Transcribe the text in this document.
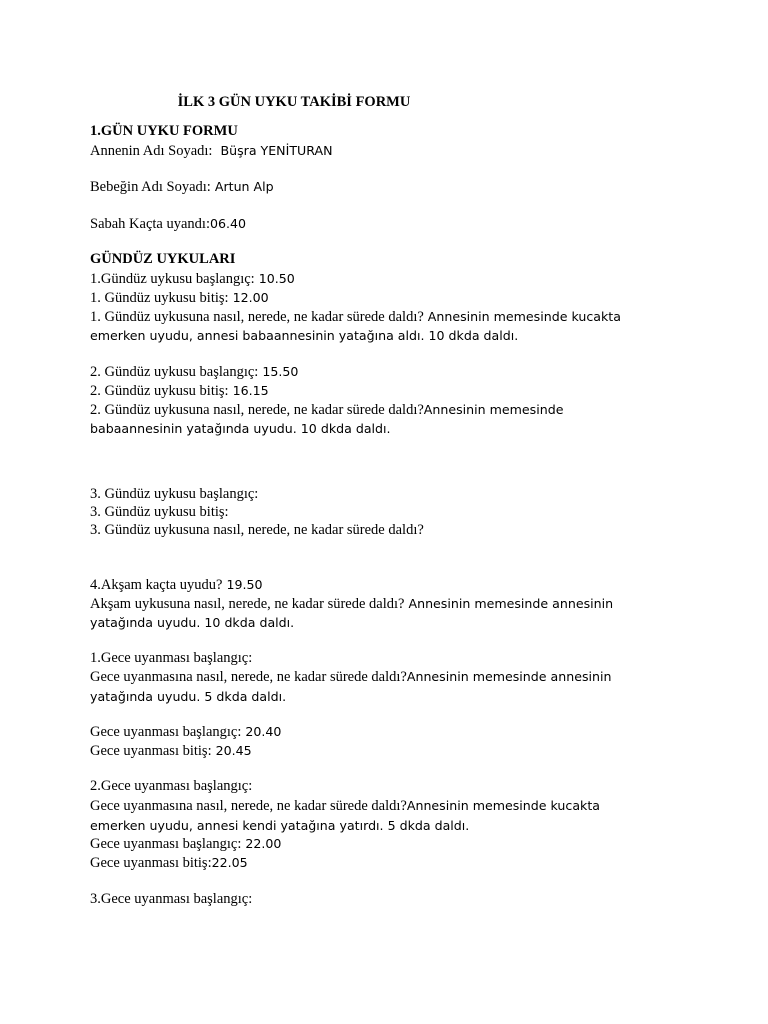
İLK 3 GÜN UYKU TAKİBİ FORMU
1.GÜN UYKU FORMU
Annenin Adı Soyadı: Büşra YENİTURAN
Bebeğin Adı Soyadı: Artun Alp
Sabah Kaçta uyandı:06.40
GÜNDÜZ UYKULARI
1.Gündüz uykusu başlangıç: 10.50
1. Gündüz uykusu bitiş: 12.00
1. Gündüz uykusuna nasıl, nerede, ne kadar sürede daldı? Annesinin memesinde kucakta
emerken uyudu, annesi babaannesinin yatağına aldı. 10 dkda daldı.
2. Gündüz uykusu başlangıç: 15.50
2. Gündüz uykusu bitiş: 16.15
2. Gündüz uykusuna nasıl, nerede, ne kadar sürede daldı?Annesinin memesinde
babaannesinin yatağında uyudu. 10 dkda daldı.
3. Gündüz uykusu başlangıç:
3. Gündüz uykusu bitiş:
3. Gündüz uykusuna nasıl, nerede, ne kadar sürede daldı?
4.Akşam kaçta uyudu? 19.50
Akşam uykusuna nasıl, nerede, ne kadar sürede daldı? Annesinin memesinde annesinin
yatağında uyudu. 10 dkda daldı.
1.Gece uyanması başlangıç:
Gece uyanmasına nasıl, nerede, ne kadar sürede daldı?Annesinin memesinde annesinin
yatağında uyudu. 5 dkda daldı.
Gece uyanması başlangıç: 20.40
Gece uyanması bitiş: 20.45
2.Gece uyanması başlangıç:
Gece uyanmasına nasıl, nerede, ne kadar sürede daldı?Annesinin memesinde kucakta
emerken uyudu, annesi kendi yatağına yatırdı. 5 dkda daldı.
Gece uyanması başlangıç: 22.00
Gece uyanması bitiş:22.05
3.Gece uyanması başlangıç:
